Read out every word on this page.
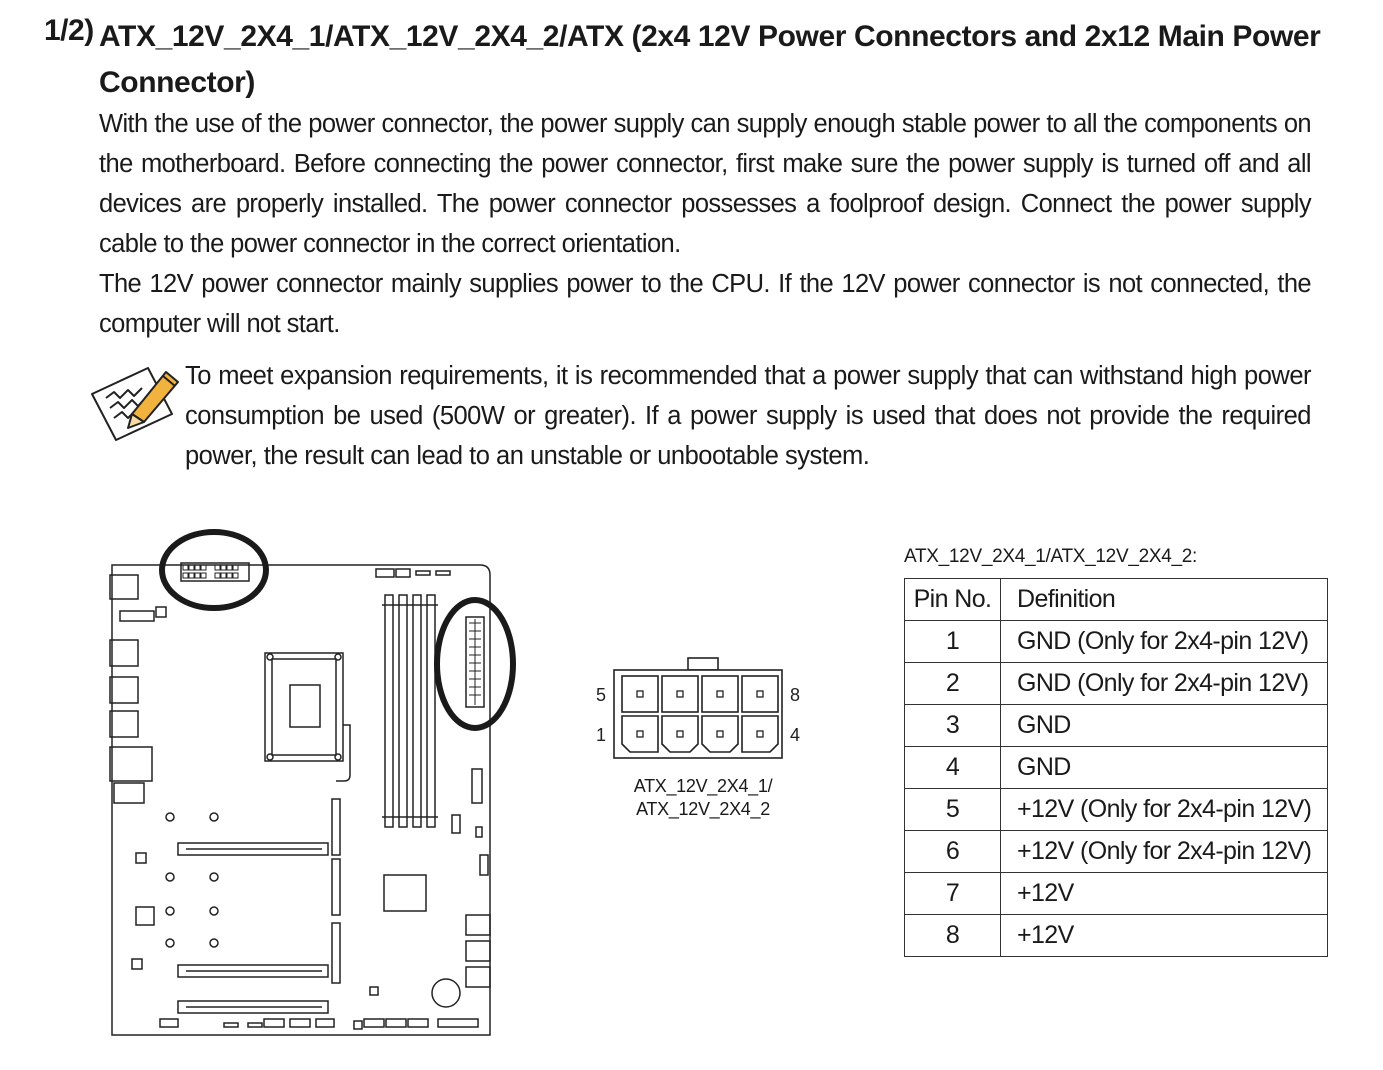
1/2) ATX_12V_2X4_1/ATX_12V_2X4_2/ATX (2x4 12V Power Connectors and 2x12 Main Power Connector)

With the use of the power connector, the power supply can supply enough stable power to all the components on the motherboard. Before connecting the power connector, first make sure the power supply is turned off and all devices are properly installed. The power connector possesses a foolproof design. Connect the power supply cable to the power connector in the correct orientation.

The 12V power connector mainly supplies power to the CPU. If the 12V power connector is not connected, the computer will not start.

To meet expansion requirements, it is recommended that a power supply that can withstand high power consumption be used (500W or greater). If a power supply is used that does not provide the required power, the result can lead to an unstable or unbootable system.

5	8
1	4
ATX_12V_2X4_1/
ATX_12V_2X4_2
ATX_12V_2X4_1/ATX_12V_2X4_2:
Pin No.	Definition
1	GND (Only for 2x4-pin 12V)
2	GND (Only for 2x4-pin 12V)
3	GND
4	GND
5	+12V (Only for 2x4-pin 12V)
6	+12V (Only for 2x4-pin 12V)
7	+12V
8	+12V
